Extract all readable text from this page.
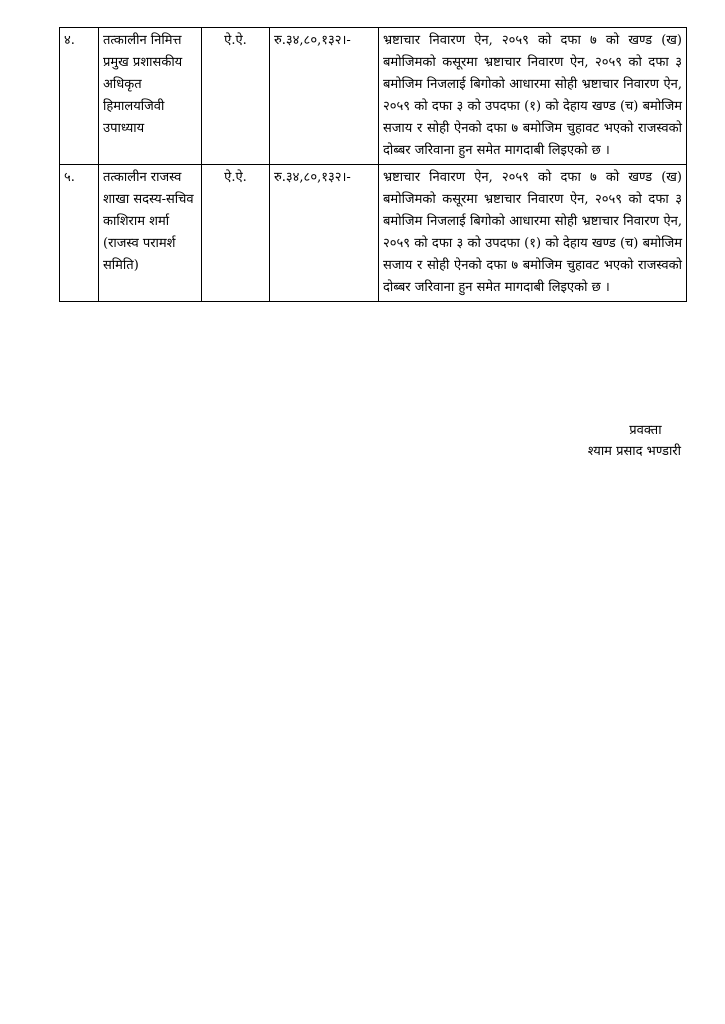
४.	तत्कालीन निमित्त प्रमुख प्रशासकीय अधिकृत हिमालयजिवी उपाध्याय	ऐ.ऐ.	रु.३४,८०,१३२।-	भ्रष्टाचार निवारण ऐन, २०५९ को दफा ७ को खण्ड (ख) बमोजिमको कसूरमा भ्रष्टाचार निवारण ऐन, २०५९ को दफा ३ बमोजिम निजलाई बिगोको आधारमा सोही भ्रष्टाचार निवारण ऐन, २०५९ को दफा ३ को उपदफा (१) को देहाय खण्ड (च) बमोजिम सजाय र सोही ऐनको दफा ७ बमोजिम चुहावट भएको राजस्वको दोब्बर जरिवाना हुन समेत मागदाबी लिइएको छ ।
५.	तत्कालीन राजस्व शाखा सदस्य-सचिव काशिराम शर्मा (राजस्व परामर्श समिति)	ऐ.ऐ.	रु.३४,८०,१३२।-	भ्रष्टाचार निवारण ऐन, २०५९ को दफा ७ को खण्ड (ख) बमोजिमको कसूरमा भ्रष्टाचार निवारण ऐन, २०५९ को दफा ३ बमोजिम निजलाई बिगोको आधारमा सोही भ्रष्टाचार निवारण ऐन, २०५९ को दफा ३ को उपदफा (१) को देहाय खण्ड (च) बमोजिम सजाय र सोही ऐनको दफा ७ बमोजिम चुहावट भएको राजस्वको दोब्बर जरिवाना हुन समेत मागदाबी लिइएको छ ।
प्रवक्ता
श्याम प्रसाद भण्डारी
